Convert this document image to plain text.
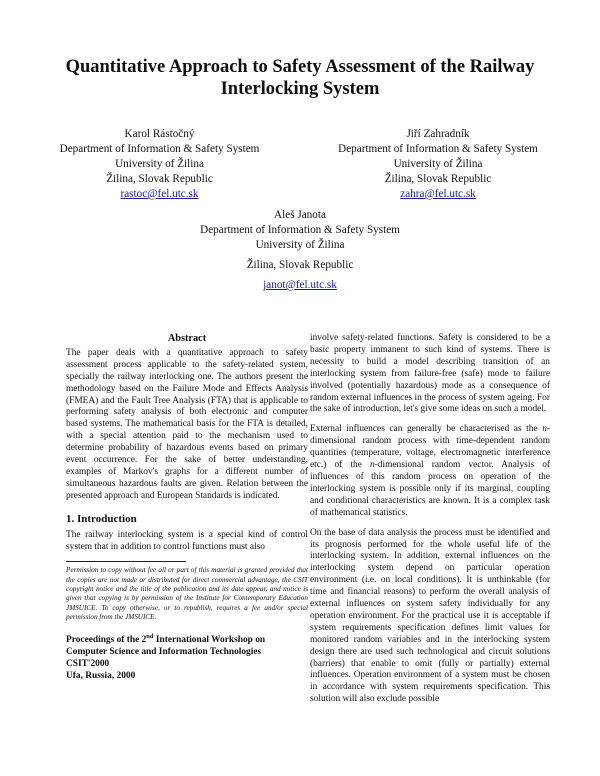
Quantitative Approach to Safety Assessment of the Railway Interlocking System
Karol Rástočný
Department of Information & Safety System
University of Žilina
Žilina, Slovak Republic
rastoc@fel.utc.sk
Jiří Zahradník
Department of Information & Safety System
University of Žilina
Žilina, Slovak Republic
zahra@fel.utc.sk
Aleš Janota
Department of Information & Safety System
University of Žilina
Žilina, Slovak Republic
janot@fel.utc.sk
Abstract

The paper deals with a quantitative approach to safety assessment process applicable to the safety-related system, specially the railway interlocking one. The authors present the methodology based on the Failure Mode and Effects Analysis (FMEA) and the Fault Tree Analysis (FTA) that is applicable to performing safety analysis of both electronic and computer based systems. The mathematical basis for the FTA is detailed, with a special attention paid to the mechanism used to determine probability of hazardous events based on primary event occurrence. For the sake of better understanding, examples of Markov's graphs for a different number of simultaneous hazardous faults are given. Relation between the presented approach and European Standards is indicated.

1. Introduction

The railway interlocking system is a special kind of control system that in addition to control functions must also

Permission to copy without fee all or part of this material is granted provided that the copies are not made or distributed for direct commercial advantage, the CSIT copyright notice and the title of the publication and its date appear, and notice is given that copying is by permission of the Institute for Contemporary Education JMSUICE. To copy otherwise, or to republish, requires a fee and/or special permission from the JMSUICE.

Proceedings of the 2nd International Workshop on
Computer Science and Information Technologies
CSIT'2000
Ufa, Russia, 2000

involve safety-related functions. Safety is considered to be a basic property immanent to such kind of systems. There is necessity to build a model describing transition of an interlocking system from failure-free (safe) mode to failure involved (potentially hazardous) mode as a consequence of random external influences in the process of system ageing. For the sake of introduction, let's give some ideas on such a model.

External influences can generally be characterised as the n-dimensional random process with time-dependent random quantities (temperature, voltage, electromagnetic interference etc.) of the n-dimensional random vector. Analysis of influences of this random process on operation of the interlocking system is possible only if its marginal, coupling and conditional characteristics are known. It is a complex task of mathematical statistics.

On the base of data analysis the process must be identified and its prognosis performed for the whole useful life of the interlocking system. In addition, external influences on the interlocking system depend on particular operation environment (i.e. on local conditions). It is unthinkable (for time and financial reasons) to perform the overall analysis of external influences on system safety individually for any operation environment. For the practical use it is acceptable if system requirements specification defines limit values for monitored random variables and in the interlocking system design there are used such technological and circuit solutions (barriers) that enable to omit (fully or partially) external influences. Operation environment of a system must be chosen in accordance with system requirements specification. This solution will also exclude possible
